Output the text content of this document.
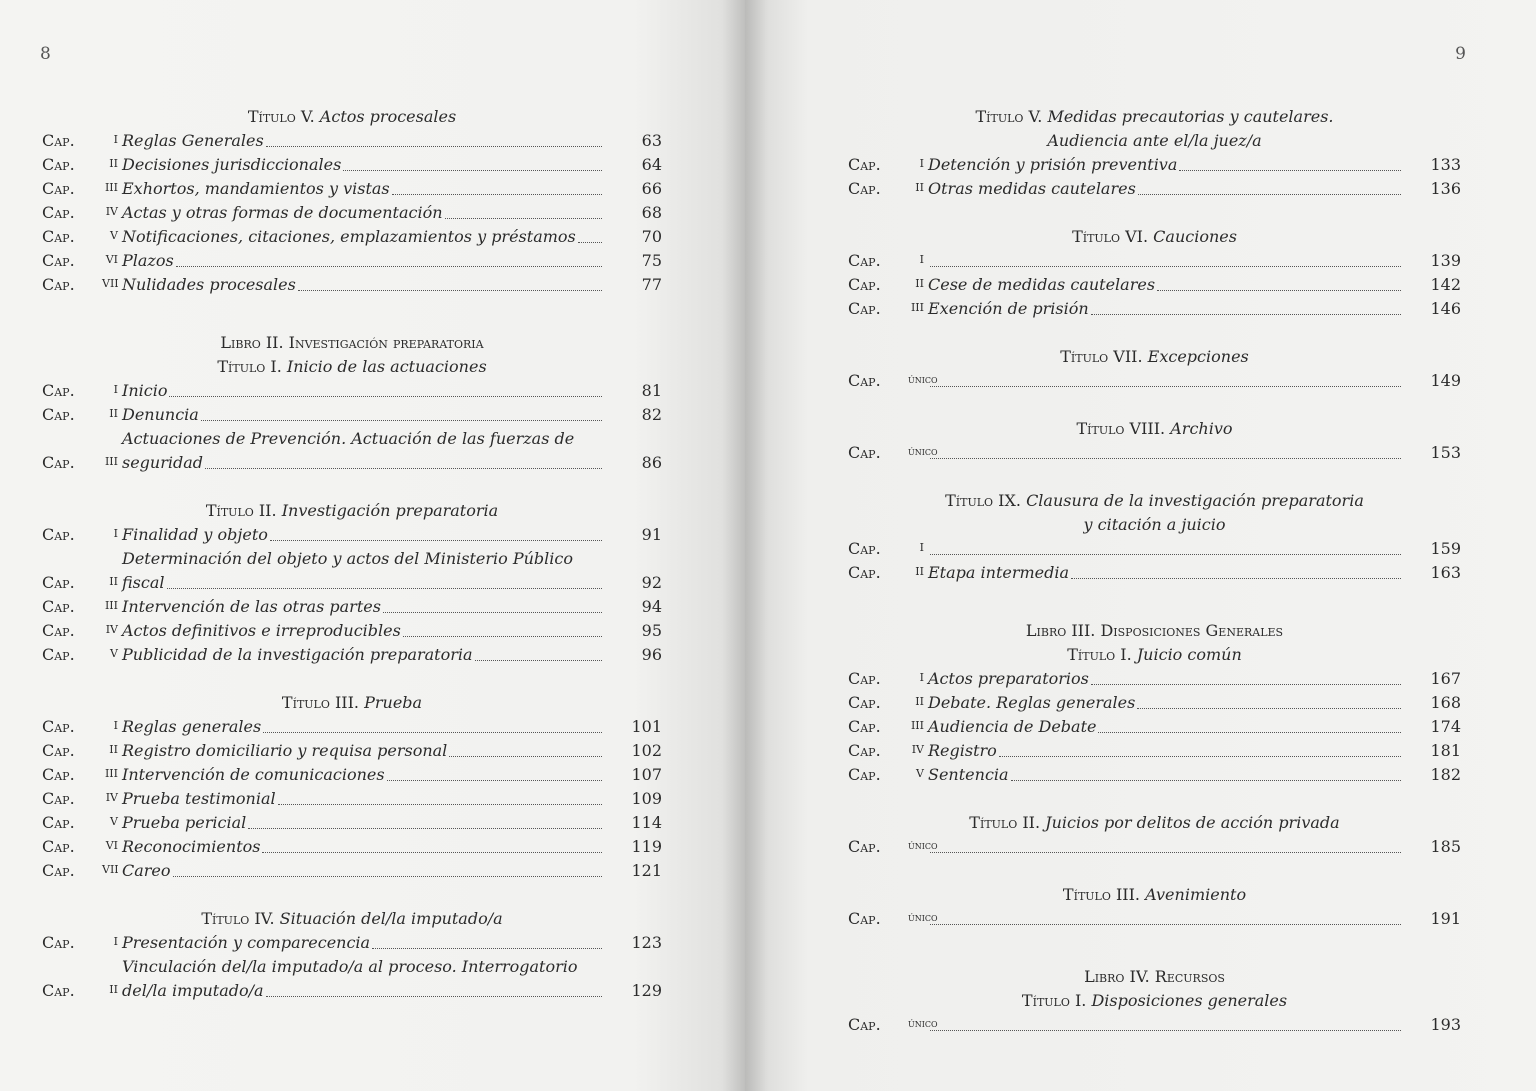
8
Título V. Actos procesales
Cap.	I Reglas Generales	63
Cap.	II Decisiones jurisdiccionales	64
Cap.	III Exhortos, mandamientos y vistas	66
Cap.	IV Actas y otras formas de documentación	68
Cap.	V Notificaciones, citaciones, emplazamientos y préstamos	70
Cap.	VI Plazos	75
Cap.	VII Nulidades procesales	77
Libro II. Investigación preparatoria
Título I. Inicio de las actuaciones
Cap.	I Inicio	81
Cap.	II Denuncia	82
Cap.	III
Actuaciones de Prevención. Actuación de las fuerzas de
seguridad	86
Título II. Investigación preparatoria
Cap.	I Finalidad y objeto	91
Cap.	II
Determinación del objeto y actos del Ministerio Público
fiscal	92
Cap.	III Intervención de las otras partes	94
Cap.	IV Actos definitivos e irreproducibles	95
Cap.	V Publicidad de la investigación preparatoria	96
Título III. Prueba
Cap.	I Reglas generales	101
Cap.	II Registro domiciliario y requisa personal	102
Cap.	III Intervención de comunicaciones	107
Cap.	IV Prueba testimonial	109
Cap.	V Prueba pericial	114
Cap.	VI Reconocimientos	119
Cap.	VII Careo	121
Título IV. Situación del/la imputado/a
Cap.	I Presentación y comparecencia	123
Cap.	II
Vinculación del/la imputado/a al proceso. Interrogatorio
del/la imputado/a	129
9
Título V. Medidas precautorias y cautelares.
Audiencia ante el/la juez/a
Cap.	I Detención y prisión preventiva	133
Cap.	II Otras medidas cautelares	136
Título VI. Cauciones
Cap.	I	139
Cap.	II Cese de medidas cautelares	142
Cap.	III Exención de prisión	146
Título VII. Excepciones
Cap.	único	149
Título VIII. Archivo
Cap.	único	153
Título IX. Clausura de la investigación preparatoria
y citación a juicio
Cap.	I	159
Cap.	II Etapa intermedia	163
Libro III. Disposiciones Generales
Título I. Juicio común
Cap.	I Actos preparatorios	167
Cap.	II Debate. Reglas generales	168
Cap.	III Audiencia de Debate	174
Cap.	IV Registro	181
Cap.	V Sentencia	182
Título II. Juicios por delitos de acción privada
Cap.	único	185
Título III. Avenimiento
Cap.	único	191
Libro IV. Recursos
Título I. Disposiciones generales
Cap.	único	193
